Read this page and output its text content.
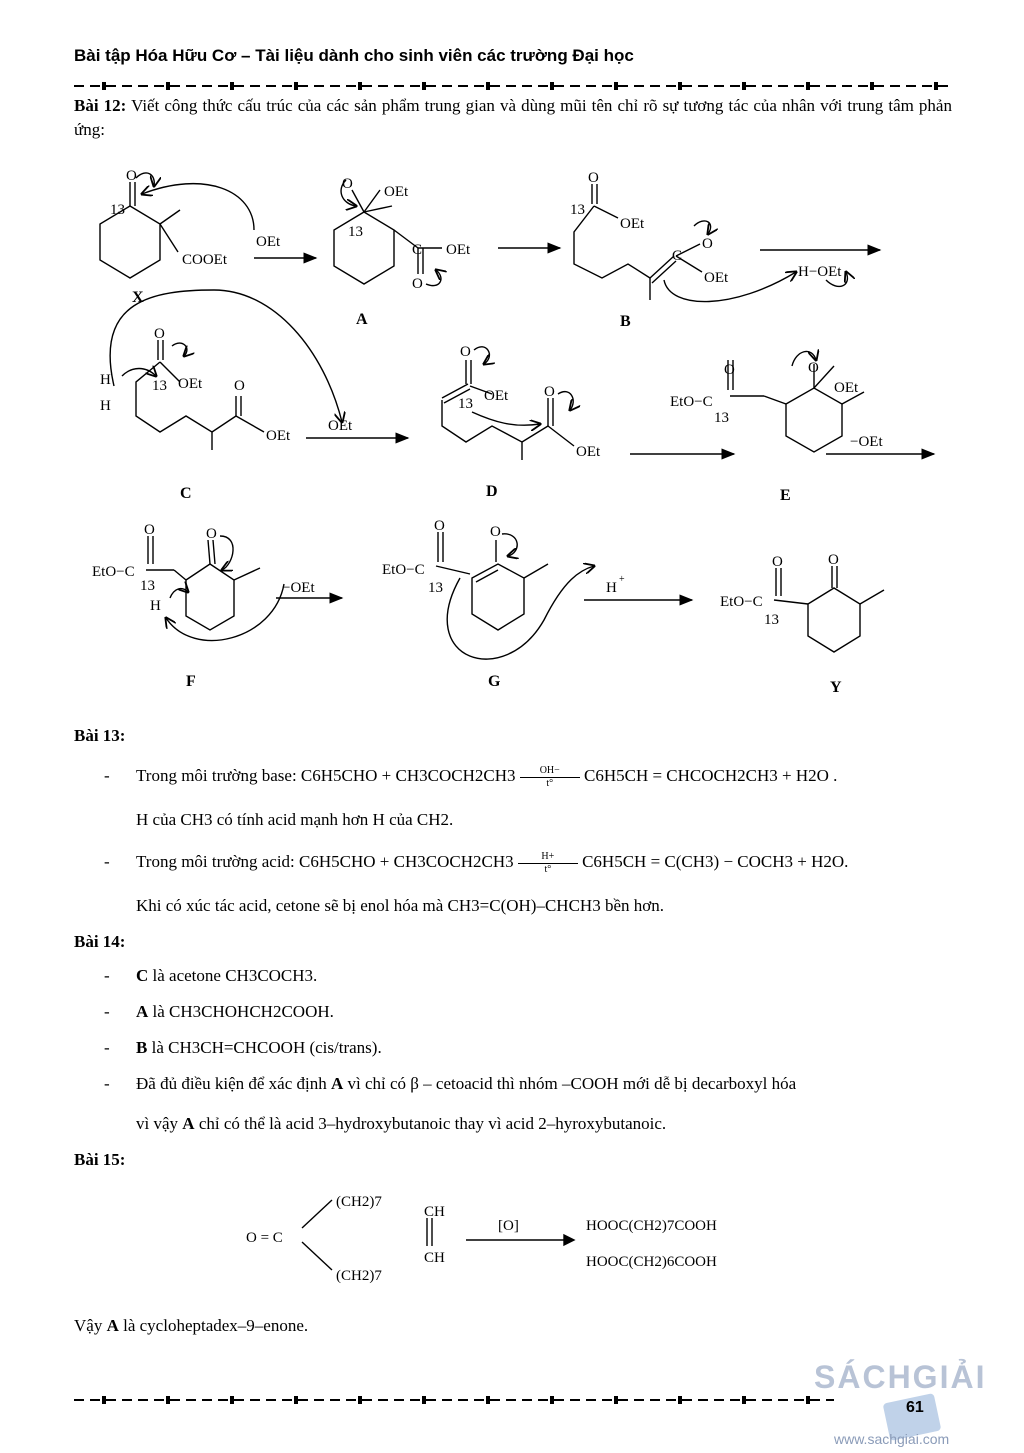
Bài tập Hóa Hữu Cơ – Tài liệu dành cho sinh viên các trường Đại học
Bài 12: Viết công thức cấu trúc của các sản phẩm trung gian và dùng mũi tên chỉ rõ sự tương tác của nhân với trung tâm phản ứng:
O
13
COOEt
OEt
O OEt
13
C OEt
O
O
13
OEt
C
O
OEt	H−OEt
O
H
H
13 OEt O
OEt
OEt
O
13 OEt O
OEt
EtO−C
O
13
O
OEt
−OEt
EtO−C
O
13
H
O
−OEt
EtO−C
O
13
O
H
+
EtO−C
O
13
O
X
A	B
C	D	E
F	G	Y
Bài 13:
- Trong môi trường base: C6H5CHO + CH3COCH2CH3 $\frac{OH-}{t^\circ} C6H5CH$ = CHCOCH2CH3 + H2O .
H của CH3 có tính acid mạnh hơn H của CH2.
- Trong môi trường acid: C6H5CHO + CH3COCH2CH3 $\frac{H+}{t^\circ} C6H5CH = C(CH3)$ − COCH3 + H2O.
Khi có xúc tác acid, cetone sẽ bị enol hóa mà CH3=C(OH)–CHCH3 bền hơn.
Bài 14:
- C là acetone CH3COCH3.
- A là CH3CHOHCH2COOH.
- B là CH3CH=CHCOOH (cis/trans).
- Đã đủ điều kiện để xác định A vì chỉ có β – cetoacid thì nhóm –COOH mới dễ bị decarboxyl hóa
vì vậy A chỉ có thể là acid 3–hydroxybutanoic thay vì acid 2–hyroxybutanoic.
Bài 15:
O = C
(CH2)7
(CH2)7
CH
CH
[O]	HOOC(CH2)7COOH
HOOC(CH2)6COOH
Vậy A là cycloheptadex–9–enone.
SÁCHGIẢI
61
www.sachgiai.com
